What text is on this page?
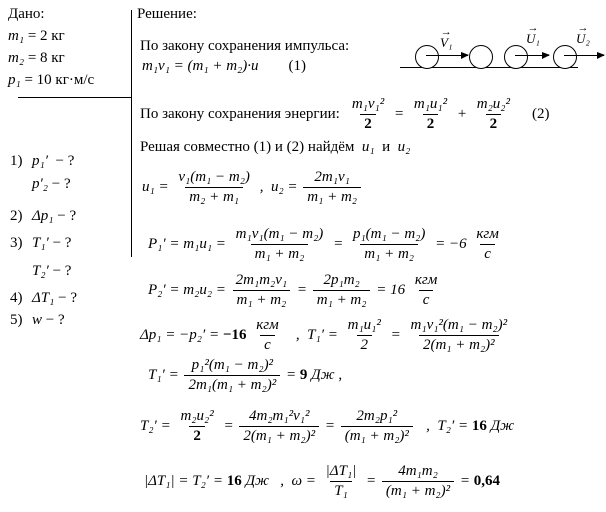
Дано:
m₁ = 2 кг
m₂ = 8 кг
p₁ = 10 кг·м/с
1) p₁′  − ?
p′₂ − ?
2) Δp₁ − ?
3) T₁′ − ?
T₂′ − ?
4) ΔT₁ − ?
5) w − ?
Решение:
→
V₁
→
U₁
→
U₂
По закону сохранения импульса:
m₁v₁ = (m₁ + m₂)·u (1)
По закону сохранения энергии: $\frac{\text{m₁v₁²}}{2} = \frac{\text{m₁u₁²}}{2} + \frac{\text{m₂u₂²}}{2} (2)$
Решая совместно (1) и (2) найдём u₁ и u₂
$u_1 = \frac{\text{v₁(m₁ − m₂)}}{\text{m₂ + m₁}}$ , $u_2 = \frac{\text{2m₁v₁}}{\text{m₁ + m₂}}$
$P_1' = m_1u_1 = \frac{\text{m₁v₁(m₁ − m₂)}}{\text{m₁ + m₂}} = \frac{\text{p₁(m₁ − m₂)}}{\text{m₁ + m₂}} = -6 \frac{\text{кгм}}{с}$
$P_2' = m_2u_2 = \frac{\text{2m₁m₂v₁}}{\text{m₁ + m₂}} = \frac{\text{2p₁m₂}}{\text{m₁ + m₂}} = 16 \frac{\text{кгм}}{с}$
$\Delta p_1 = -p_2' = -16 \frac{\text{кгм}}{с}$ , $T_1' = \frac{\text{m₁u₁²}}{2} = \frac{\text{m₁v₁²(m₁ − m₂)²}}{\text{2(m₁ + m₂)²}}$
$T_1' = \frac{\text{p₁²(m₁ − m₂)²}}{\text{2m₁(m₁ + m₂)²}} = 9$ Дж ,
$T_2' = \frac{\text{m₂u₂²}}{2} = \frac{\text{4m₂m₁²v₁²}}{\text{2(m₁ + m₂)²}} = \frac{\text{2m₂p₁²}}{\text{(m₁ + m₂)²}}$ , T₂′ = 16 Дж
|ΔT₁| = T₂′ = 16 Дж , $\omega = \frac{\text{|ΔT₁|}}{\text{T₁}} = \frac{\text{4m₁m₂}}{\text{(m₁ + m₂)²}} = 0,64$
